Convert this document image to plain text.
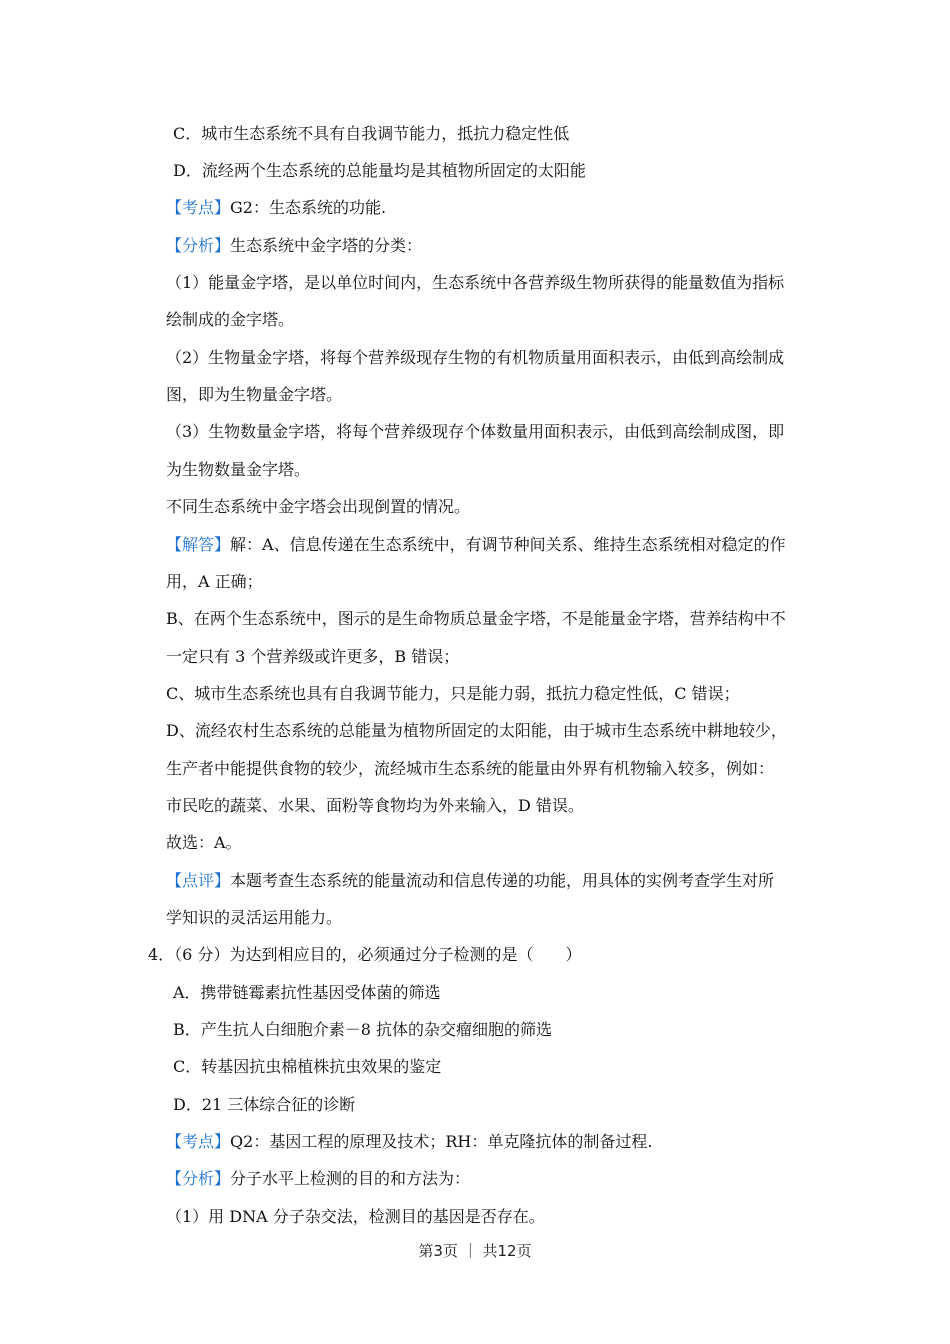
C．城市生态系统不具有自我调节能力，抵抗力稳定性低
D．流经两个生态系统的总能量均是其植物所固定的太阳能
【考点】G2：生态系统的功能.
【分析】生态系统中金字塔的分类：
（1）能量金字塔，是以单位时间内，生态系统中各营养级生物所获得的能量数值为指标
绘制成的金字塔。
（2）生物量金字塔，将每个营养级现存生物的有机物质量用面积表示，由低到高绘制成
图，即为生物量金字塔。
（3）生物数量金字塔，将每个营养级现存个体数量用面积表示，由低到高绘制成图，即
为生物数量金字塔。
不同生态系统中金字塔会出现倒置的情况。
【解答】解：A、信息传递在生态系统中，有调节种间关系、维持生态系统相对稳定的作
用，A 正确；
B、在两个生态系统中，图示的是生命物质总量金字塔，不是能量金字塔，营养结构中不
一定只有 3 个营养级或许更多，B 错误；
C、城市生态系统也具有自我调节能力，只是能力弱，抵抗力稳定性低，C 错误；
D、流经农村生态系统的总能量为植物所固定的太阳能，由于城市生态系统中耕地较少，
生产者中能提供食物的较少，流经城市生态系统的能量由外界有机物输入较多，例如：
市民吃的蔬菜、水果、面粉等食物均为外来输入，D 错误。
故选：A。
【点评】本题考查生态系统的能量流动和信息传递的功能，用具体的实例考查学生对所
学知识的灵活运用能力。
4．（6 分）为达到相应目的，必须通过分子检测的是（　　）
A．携带链霉素抗性基因受体菌的筛选
B．产生抗人白细胞介素－8 抗体的杂交瘤细胞的筛选
C．转基因抗虫棉植株抗虫效果的鉴定
D．21 三体综合征的诊断
【考点】Q2：基因工程的原理及技术；RH：单克隆抗体的制备过程.
【分析】分子水平上检测的目的和方法为：
（1）用 DNA 分子杂交法，检测目的基因是否存在。
第3页 ｜ 共12页
